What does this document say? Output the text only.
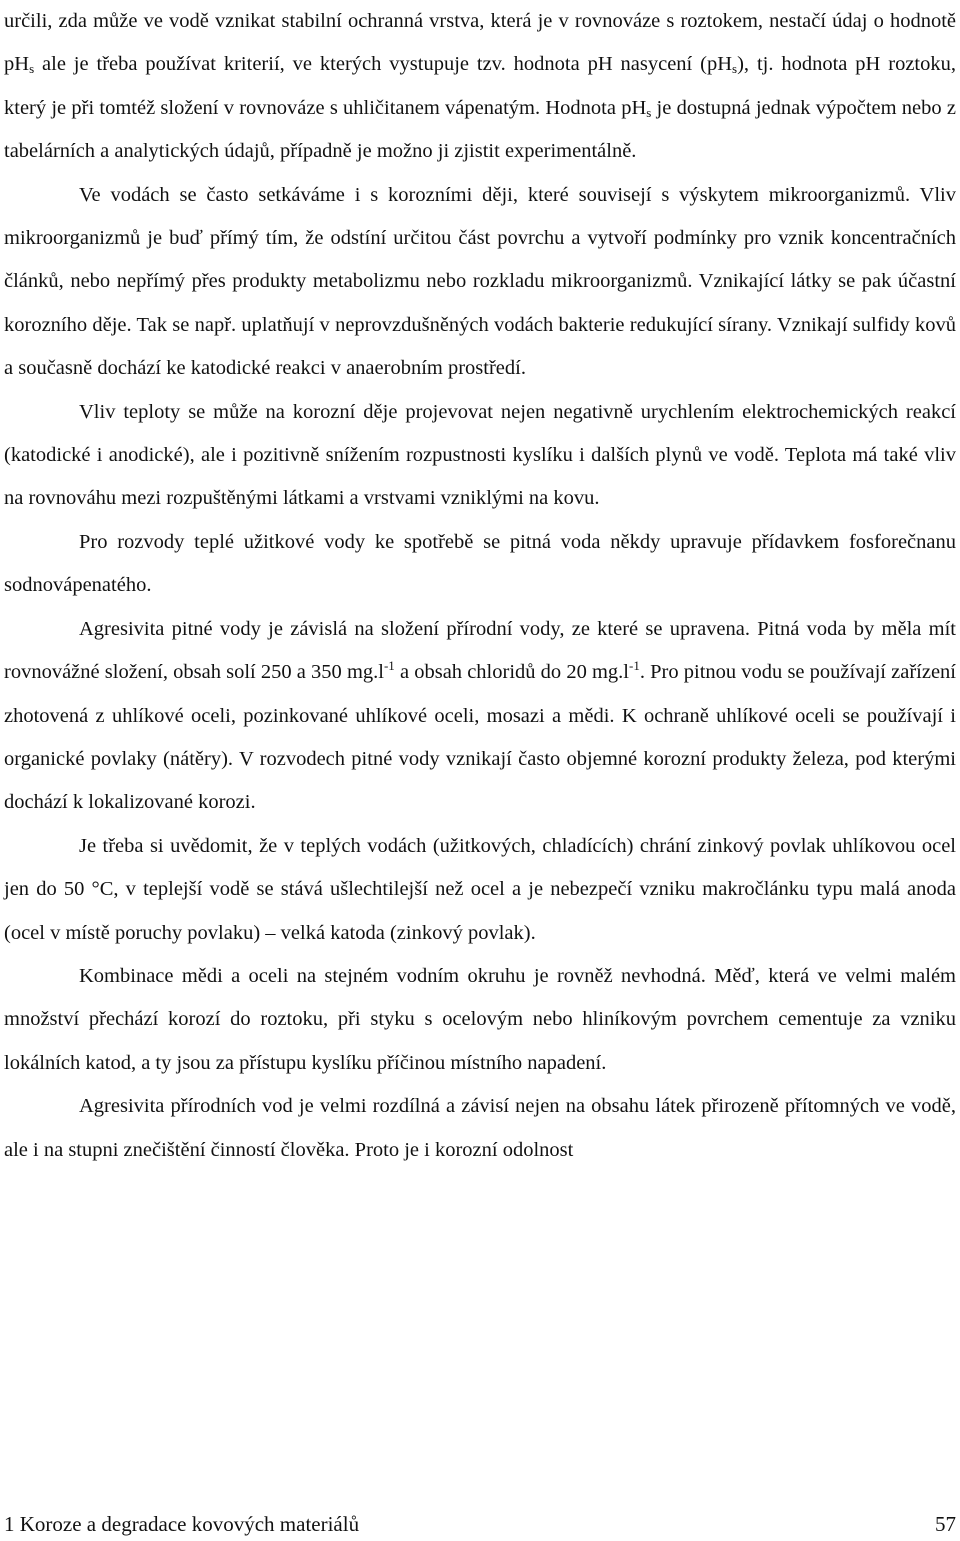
určili, zda může ve vodě vznikat stabilní ochranná vrstva, která je v rovnováze s roztokem, nestačí údaj o hodnotě $pH_s$ ale je třeba používat kriterií, ve kterých vystupuje tzv. hodnota pH nasycení $(pH_s)$, tj. hodnota pH roztoku, který je při tomtéž složení v rovnováze s uhličitanem vápenatým. Hodnota $pH_s$ je dostupná jednak výpočtem nebo z tabelárních a analytických údajů, případně je možno ji zjistit experimentálně.

Ve vodách se často setkáváme i s korozními ději, které souvisejí s výskytem mikroorganizmů. Vliv mikroorganizmů je buď přímý tím, že odstíní určitou část povrchu a vytvoří podmínky pro vznik koncentračních článků, nebo nepřímý přes produkty metabolizmu nebo rozkladu mikroorganizmů. Vznikající látky se pak účastní korozního děje. Tak se např. uplatňují v neprovzdušněných vodách bakterie redukující sírany. Vznikají sulfidy kovů a současně dochází ke katodické reakci v anaerobním prostředí.

Vliv teploty se může na korozní děje projevovat nejen negativně urychlením elektrochemických reakcí (katodické i anodické), ale i pozitivně snížením rozpustnosti kyslíku i dalších plynů ve vodě. Teplota má také vliv na rovnováhu mezi rozpuštěnými látkami a vrstvami vzniklými na kovu.

Pro rozvody teplé užitkové vody ke spotřebě se pitná voda někdy upravuje přídavkem fosforečnanu sodnovápenatého.

Agresivita pitné vody je závislá na složení přírodní vody, ze které se upravena. Pitná voda by měla mít rovnovážné složení, obsah solí 250 a 350 $mg.l^{-1}$ a obsah chloridů do 20 $mg.l^{-1}$. Pro pitnou vodu se používají zařízení zhotovená z uhlíkové oceli, pozinkované uhlíkové oceli, mosazi a mědi. K ochraně uhlíkové oceli se používají i organické povlaky (nátěry). V rozvodech pitné vody vznikají často objemné korozní produkty železa, pod kterými dochází k lokalizované korozi.

Je třeba si uvědomit, že v teplých vodách (užitkových, chladících) chrání zinkový povlak uhlíkovou ocel jen do 50 °C, v teplejší vodě se stává ušlechtilejší než ocel a je nebezpečí vzniku makročlánku typu malá anoda (ocel v místě poruchy povlaku) – velká katoda (zinkový povlak).

Kombinace mědi a oceli na stejném vodním okruhu je rovněž nevhodná. Měď, která ve velmi malém množství přechází korozí do roztoku, při styku s ocelovým nebo hliníkovým povrchem cementuje za vzniku lokálních katod, a ty jsou za přístupu kyslíku příčinou místního napadení.

Agresivita přírodních vod je velmi rozdílná a závisí nejen na obsahu látek přirozeně přítomných ve vodě, ale i na stupni znečištění činností člověka. Proto je i korozní odolnost

1 Koroze a degradace kovových materiálů	57
